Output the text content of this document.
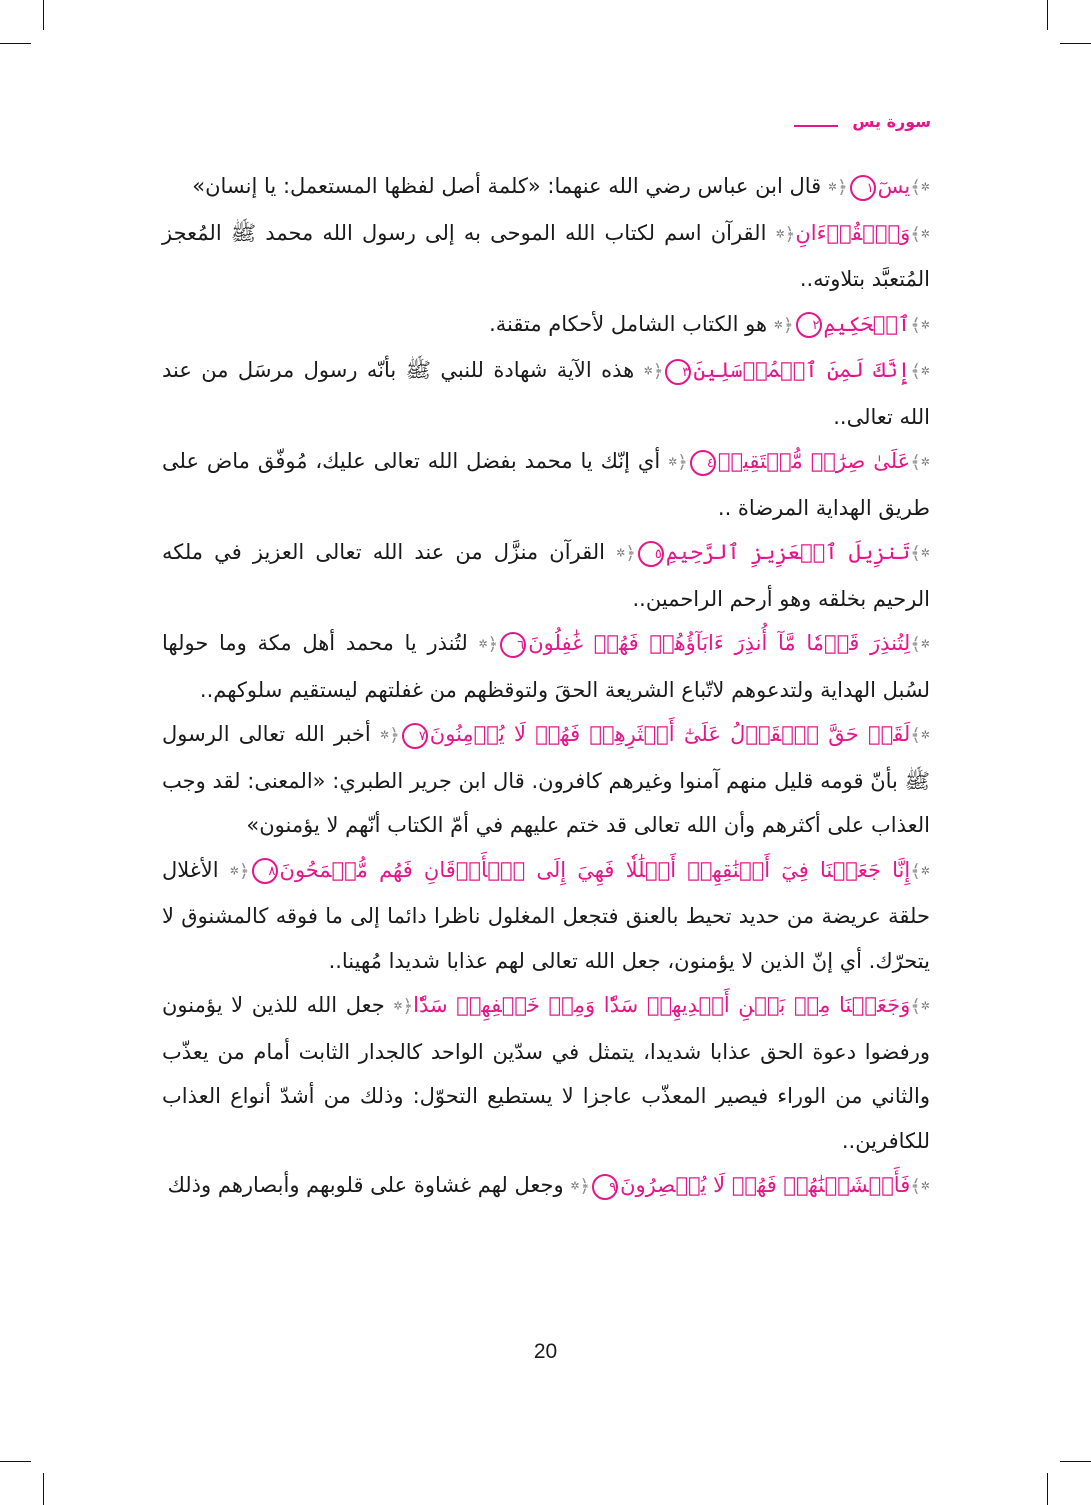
سورة يس

✲﴾يسٓ١﴿✲ قال ابن عباس رضي الله عنهما: «كلمة أصل لفظها المستعمل: يا إنسان»

✲﴾وَٱلۡقُرۡءَانِ﴿✲ القرآن اسم لكتاب الله الموحى به إلى رسول الله محمد ﷺ المُعجز المُتعبَّد بتلاوته..

✲﴾ٱلۡحَكِيمِ٢﴿✲ هو الكتاب الشامل لأحكام متقنة.

✲﴾إِنَّكَ لَمِنَ ٱلۡمُرۡسَلِينَ٣﴿✲ هذه الآية شهادة للنبي ﷺ بأنّه رسول مرسَل من عند الله تعالى..

✲﴾عَلَىٰ صِرَٰطٖ مُّسۡتَقِيمٖ٤﴿✲ أي إنّك يا محمد بفضل الله تعالى عليك، مُوفّق ماض على طريق الهداية المرضاة ..

✲﴾تَنزِيلَ ٱلۡعَزِيزِ ٱلرَّحِيمِ٥﴿✲ القرآن منزَّل من عند الله تعالى العزيز في ملكه الرحيم بخلقه وهو أرحم الراحمين..

✲﴾لِتُنذِرَ قَوۡمٗا مَّآ أُنذِرَ ءَابَآؤُهُمۡ فَهُمۡ غَٰفِلُونَ٦﴿✲ لتُنذر يا محمد أهل مكة وما حولها لسُبل الهداية ولتدعوهم لاتّباع الشريعة الحقَ ولتوقظهم من غفلتهم ليستقيم سلوكهم..

✲﴾لَقَدۡ حَقَّ ٱلۡقَوۡلُ عَلَىٰٓ أَكۡثَرِهِمۡ فَهُمۡ لَا يُؤۡمِنُونَ٧﴿✲ أخبر الله تعالى الرسول ﷺ بأنّ قومه قليل منهم آمنوا وغيرهم كافرون. قال ابن جرير الطبري: «المعنى: لقد وجب العذاب على أكثرهم وأن الله تعالى قد ختم عليهم في أمّ الكتاب أنّهم لا يؤمنون»

✲﴾إِنَّا جَعَلۡنَا فِيٓ أَعۡنَٰقِهِمۡ أَغۡلَٰلٗا فَهِيَ إِلَى ٱلۡأَذۡقَانِ فَهُم مُّقۡمَحُونَ٨﴿✲ الأغلال حلقة عريضة من حديد تحيط بالعنق فتجعل المغلول ناظرا دائما إلى ما فوقه كالمشنوق لا يتحرّك. أي إنّ الذين لا يؤمنون، جعل الله تعالى لهم عذابا شديدا مُهينا..

✲﴾وَجَعَلۡنَا مِنۢ بَيۡنِ أَيۡدِيهِمۡ سَدّٗا وَمِنۡ خَلۡفِهِمۡ سَدّٗا﴿✲ جعل الله للذين لا يؤمنون ورفضوا دعوة الحق عذابا شديدا، يتمثل في سدّين الواحد كالجدار الثابت أمام من يعذّب والثاني من الوراء فيصير المعذّب عاجزا لا يستطيع التحوّل: وذلك من أشدّ أنواع العذاب للكافرين..

✲﴾فَأَغۡشَيۡنَٰهُمۡ فَهُمۡ لَا يُبۡصِرُونَ٩﴿✲ وجعل لهم غشاوة على قلوبهم وأبصارهم وذلك

20
